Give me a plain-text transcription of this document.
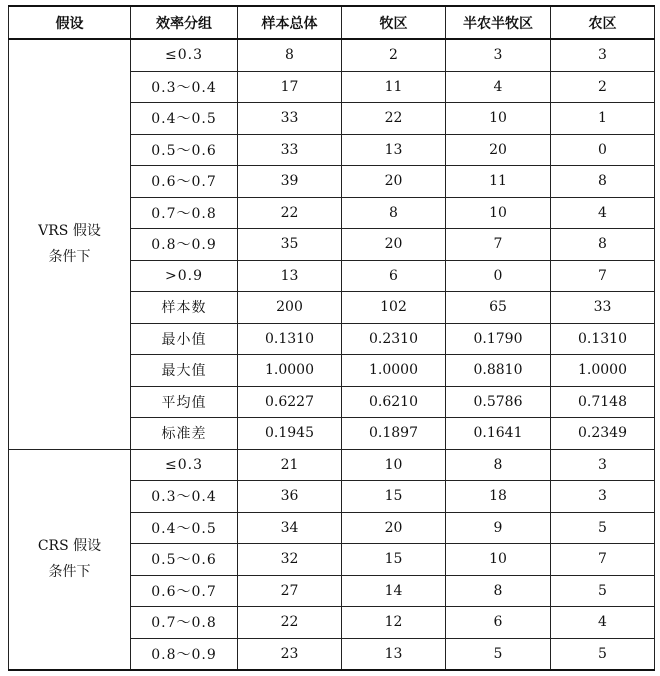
假设	效率分组	样本总体	牧区	半农半牧区	农区

VRS 假设
条件下	≤0.3	8	2	3	3
	0.3～0.4	17	11	4	2
	0.4～0.5	33	22	10	1
	0.5～0.6	33	13	20	0
	0.6～0.7	39	20	11	8
	0.7～0.8	22	8	10	4
	0.8～0.9	35	20	7	8
	>0.9	13	6	0	7
	样本数	200	102	65	33
	最小值	0.1310	0.2310	0.1790	0.1310
	最大值	1.0000	1.0000	0.8810	1.0000
	平均值	0.6227	0.6210	0.5786	0.7148
	标准差	0.1945	0.1897	0.1641	0.2349

CRS 假设
条件下	≤0.3	21	10	8	3
	0.3～0.4	36	15	18	3
	0.4～0.5	34	20	9	5
	0.5～0.6	32	15	10	7
	0.6～0.7	27	14	8	5
	0.7～0.8	22	12	6	4
	0.8～0.9	23	13	5	5
